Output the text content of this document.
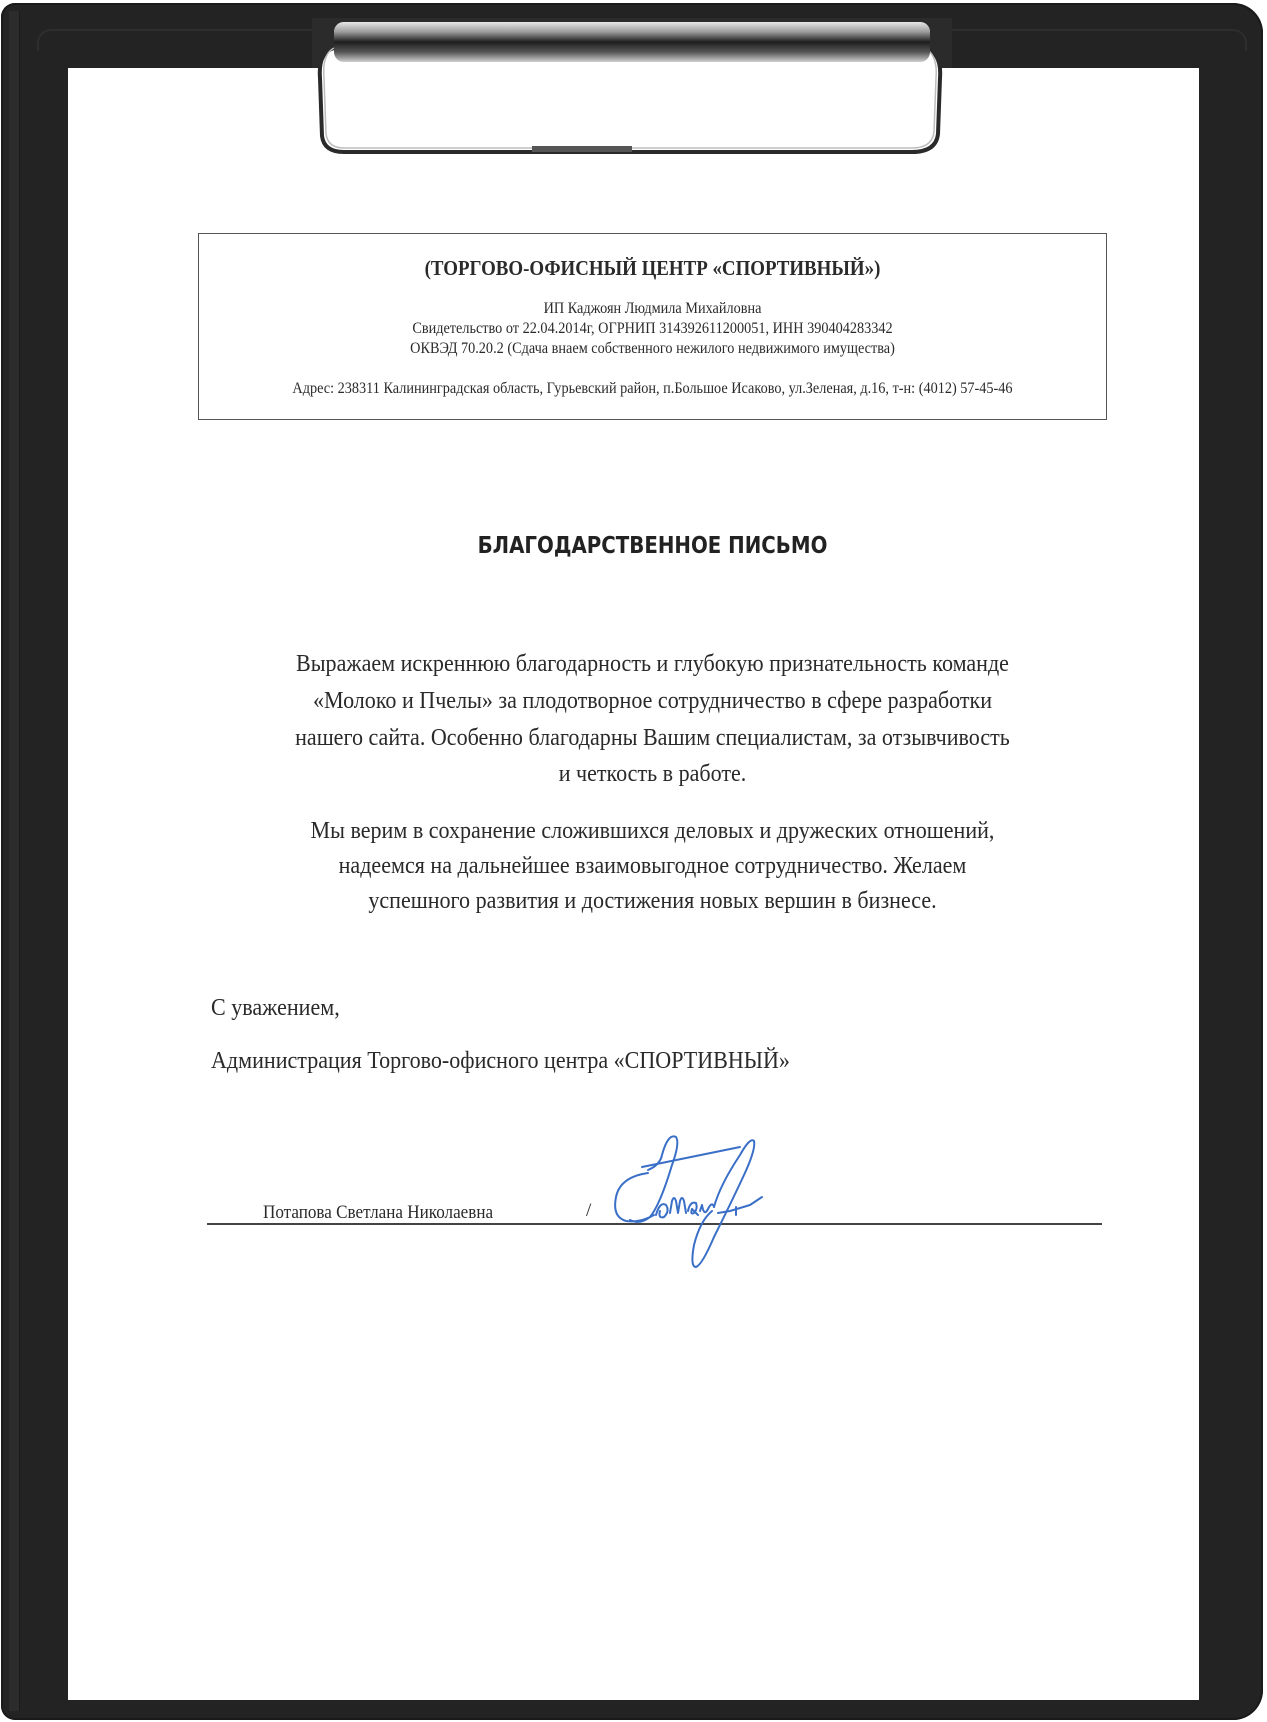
(ТОРГОВО-ОФИСНЫЙ ЦЕНТР «СПОРТИВНЫЙ»)
ИП Каджоян Людмила Михайловна
Свидетельство от 22.04.2014г, ОГРНИП 314392611200051, ИНН 390404283342
ОКВЭД 70.20.2 (Сдача внаем собственного нежилого недвижимого имущества)
Адрес: 238311 Калининградская область, Гурьевский район, п.Большое Исаково, ул.Зеленая, д.16, т-н: (4012) 57-45-46
БЛАГОДАРСТВЕННОЕ ПИСЬМО
Выражаем искреннюю благодарность и глубокую признательность команде
«Молоко и Пчелы» за плодотворное сотрудничество в сфере разработки
нашего сайта. Особенно благодарны Вашим специалистам, за отзывчивость
и четкость в работе.
Мы верим в сохранение сложившихся деловых и дружеских отношений,
надеемся на дальнейшее взаимовыгодное сотрудничество. Желаем
успешного развития и достижения новых вершин в бизнесе.
С уважением,
Администрация Торгово-офисного центра «СПОРТИВНЫЙ»
Потапова Светлана Николаевна	/
